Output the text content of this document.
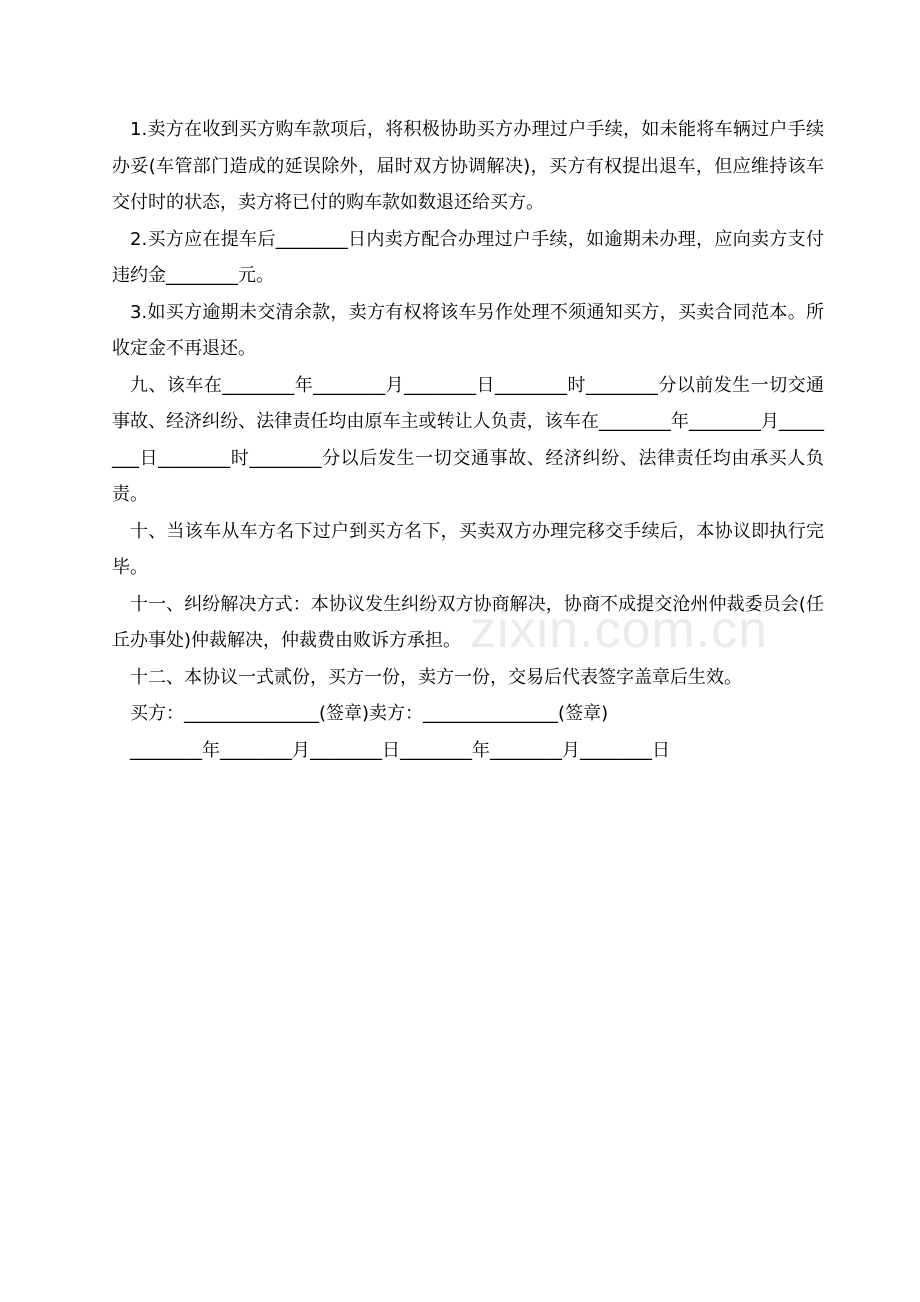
1.卖方在收到买方购车款项后，将积极协助买方办理过户手续，如未能将车辆过户手续办妥(车管部门造成的延误除外，届时双方协调解决)，买方有权提出退车，但应维持该车交付时的状态，卖方将已付的购车款如数退还给买方。

2.买方应在提车后________日内卖方配合办理过户手续，如逾期未办理，应向卖方支付违约金________元。

3.如买方逾期未交清余款，卖方有权将该车另作处理不须通知买方，买卖合同范本。所收定金不再退还。

九、该车在________年________月________日________时________分以前发生一切交通事故、经济纠纷、法律责任均由原车主或转让人负责，该车在________年________月________日________时________分以后发生一切交通事故、经济纠纷、法律责任均由承买人负责。

十、当该车从车方名下过户到买方名下，买卖双方办理完移交手续后，本协议即执行完毕。

十一、纠纷解决方式：本协议发生纠纷双方协商解决，协商不成提交沧州仲裁委员会(任丘办事处)仲裁解决，仲裁费由败诉方承担。

十二、本协议一式贰份，买方一份，卖方一份，交易后代表签字盖章后生效。

买方：_______________(签章)卖方：_______________(签章)

________年________月________日________年________月________日

zixin.com.cn
